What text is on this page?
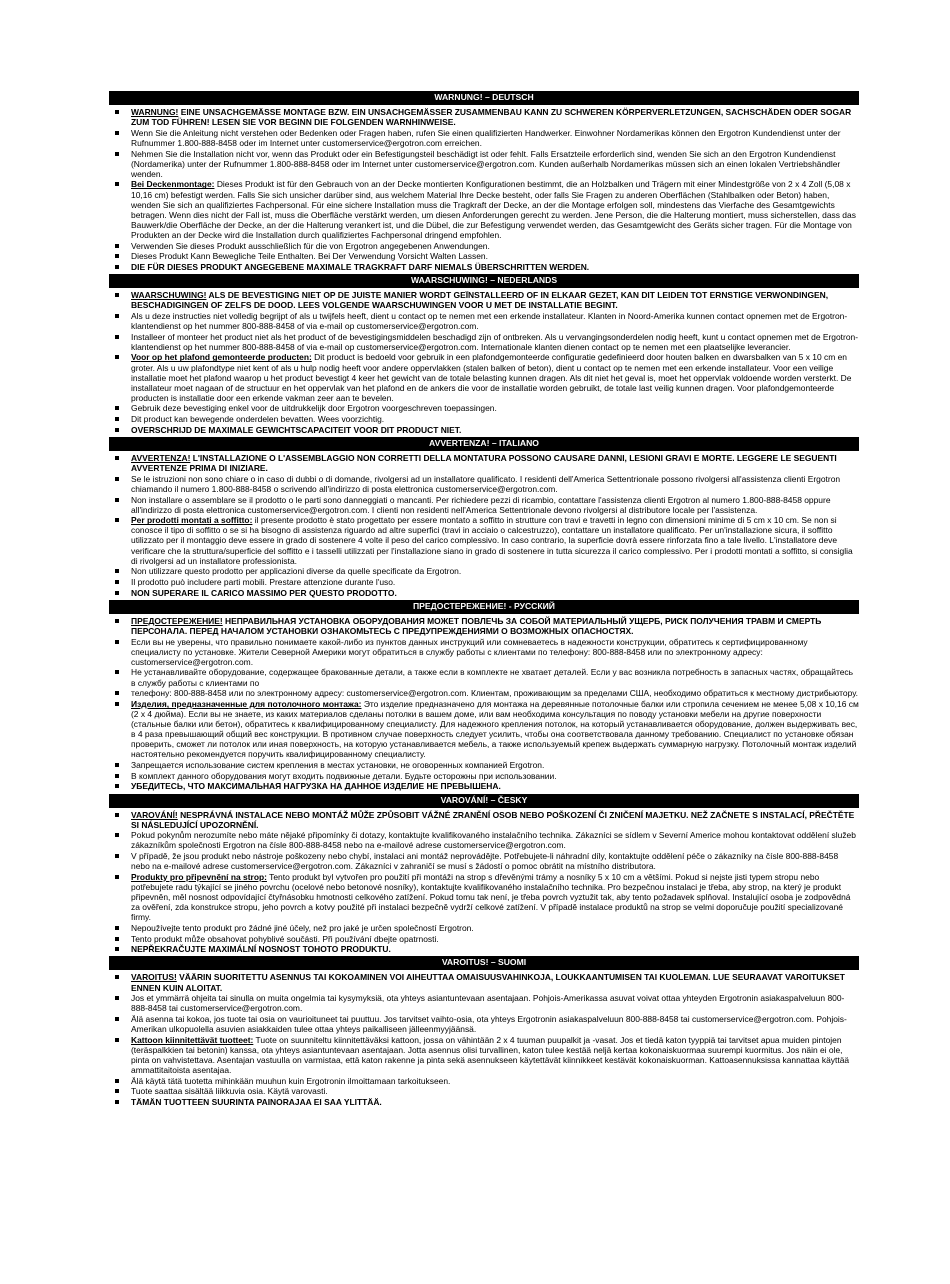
WARNUNG! – DEUTSCH
WARNUNG! EINE UNSACHGEMÄSSE MONTAGE BZW. EIN UNSACHGEMÄSSER ZUSAMMENBAU KANN ZU SCHWEREN KÖRPERVERLETZUNGEN, SACHSCHÄDEN ODER SOGAR ZUM TOD FÜHREN! LESEN SIE VOR BEGINN DIE FOLGENDEN WARNHINWEISE.
Wenn Sie die Anleitung nicht verstehen oder Bedenken oder Fragen haben, rufen Sie einen qualifizierten Handwerker. Einwohner Nordamerikas können den Ergotron Kundendienst unter der Rufnummer 1.800-888-8458 oder im Internet unter customerservice@ergotron.com erreichen.
Nehmen Sie die Installation nicht vor, wenn das Produkt oder ein Befestigungsteil beschädigt ist oder fehlt. Falls Ersatzteile erforderlich sind, wenden Sie sich an den Ergotron Kundendienst (Nordamerika) unter der Rufnummer 1.800-888-8458 oder im Internet unter customerservice@ergotron.com. Kunden außerhalb Nordamerikas müssen sich an einen lokalen Vertriebshändler wenden.
Bei Deckenmontage: Dieses Produkt ist für den Gebrauch von an der Decke montierten Konfigurationen bestimmt, die an Holzbalken und Trägern mit einer Mindestgröße von 2 x 4 Zoll (5,08 x 10,16 cm) befestigt werden. Falls Sie sich unsicher darüber sind, aus welchem Material Ihre Decke besteht, oder falls Sie Fragen zu anderen Oberflächen (Stahlbalken oder Beton) haben, wenden Sie sich an qualifiziertes Fachpersonal. Für eine sichere Installation muss die Tragkraft der Decke, an der die Montage erfolgen soll, mindestens das Vierfache des Gesamtgewichts betragen. Wenn dies nicht der Fall ist, muss die Oberfläche verstärkt werden, um diesen Anforderungen gerecht zu werden. Jene Person, die die Halterung montiert, muss sicherstellen, dass das Bauwerk/die Oberfläche der Decke, an der die Halterung verankert ist, und die Dübel, die zur Befestigung verwendet werden, das Gesamtgewicht des Geräts sicher tragen. Für die Montage von Produkten an der Decke wird die Installation durch qualifiziertes Fachpersonal dringend empfohlen.
Verwenden Sie dieses Produkt ausschließlich für die von Ergotron angegebenen Anwendungen.
Dieses Produkt Kann Bewegliche Teile Enthalten. Bei Der Verwendung Vorsicht Walten Lassen.
DIE FÜR DIESES PRODUKT ANGEGEBENE MAXIMALE TRAGKRAFT DARF NIEMALS ÜBERSCHRITTEN WERDEN.
WAARSCHUWING! – NEDERLANDS
WAARSCHUWING! ALS DE BEVESTIGING NIET OP DE JUISTE MANIER WORDT GEÏNSTALLEERD OF IN ELKAAR GEZET, KAN DIT LEIDEN TOT ERNSTIGE VERWONDINGEN, BESCHADIGINGEN OF ZELFS DE DOOD. LEES VOLGENDE WAARSCHUWINGEN VOOR U MET DE INSTALLATIE BEGINT.
Als u deze instructies niet volledig begrijpt of als u twijfels heeft, dient u contact op te nemen met een erkende installateur. Klanten in Noord-Amerika kunnen contact opnemen met de Ergotron-klantendienst op het nummer 800-888-8458 of via e-mail op customerservice@ergotron.com.
Installeer of monteer het product niet als het product of de bevestigingsmiddelen beschadigd zijn of ontbreken. Als u vervangingsonderdelen nodig heeft, kunt u contact opnemen met de Ergotron-klantendienst op het nummer 800-888-8458 of via e-mail op customerservice@ergotron.com. Internationale klanten dienen contact op te nemen met een plaatselijke leverancier.
Voor op het plafond gemonteerde producten: Dit product is bedoeld voor gebruik in een plafondgemonteerde configuratie gedefinieerd door houten balken en dwarsbalken van 5 x 10 cm en groter. Als u uw plafondtype niet kent of als u hulp nodig heeft voor andere oppervlakken (stalen balken of beton), dient u contact op te nemen met een erkende installateur. Voor een veilige installatie moet het plafond waarop u het product bevestigt 4 keer het gewicht van de totale belasting kunnen dragen. Als dit niet het geval is, moet het oppervlak voldoende worden versterkt. De installateur moet nagaan of de structuur en het oppervlak van het plafond en de ankers die voor de installatie worden gebruikt, de totale last veilig kunnen dragen. Voor plafondgemonteerde producten is installatie door een erkende vakman zeer aan te bevelen.
Gebruik deze bevestiging enkel voor de uitdrukkelijk door Ergotron voorgeschreven toepassingen.
Dit product kan bewegende onderdelen bevatten. Wees voorzichtig.
OVERSCHRIJD DE MAXIMALE GEWICHTSCAPACITEIT VOOR DIT PRODUCT NIET.
AVVERTENZA! – ITALIANO
AVVERTENZA! L'INSTALLAZIONE O L'ASSEMBLAGGIO NON CORRETTI DELLA MONTATURA POSSONO CAUSARE DANNI, LESIONI GRAVI E MORTE. LEGGERE LE SEGUENTI AVVERTENZE PRIMA DI INIZIARE.
Se le istruzioni non sono chiare o in caso di dubbi o di domande, rivolgersi ad un installatore qualificato. I residenti dell'America Settentrionale possono rivolgersi all'assistenza clienti Ergotron chiamando il numero 1.800-888-8458 o scrivendo all'indirizzo di posta elettronica customerservice@ergotron.com.
Non installare o assemblare se il prodotto o le parti sono danneggiati o mancanti. Per richiedere pezzi di ricambio, contattare l'assistenza clienti Ergotron al numero 1.800-888-8458 oppure all'indirizzo di posta elettronica customerservice@ergotron.com. I clienti non residenti nell'America Settentrionale devono rivolgersi al distributore locale per l'assistenza.
Per prodotti montati a soffitto: il presente prodotto è stato progettato per essere montato a soffitto in strutture con travi e travetti in legno con dimensioni minime di 5 cm x 10 cm. Se non si conosce il tipo di soffitto o se si ha bisogno di assistenza riguardo ad altre superfici (travi in acciaio o calcestruzzo), contattare un installatore qualificato. Per un'installazione sicura, il soffitto utilizzato per il montaggio deve essere in grado di sostenere 4 volte il peso del carico complessivo. In caso contrario, la superficie dovrà essere rinforzata fino a tale livello. L'installatore deve verificare che la struttura/superficie del soffitto e i tasselli utilizzati per l'installazione siano in grado di sostenere in tutta sicurezza il carico complessivo. Per i prodotti montati a soffitto, si consiglia di rivolgersi ad un installatore professionista.
Non utilizzare questo prodotto per applicazioni diverse da quelle specificate da Ergotron.
Il prodotto può includere parti mobili. Prestare attenzione durante l'uso.
NON SUPERARE IL CARICO MASSIMO PER QUESTO PRODOTTO.
ПРЕДОСТЕРЕЖЕНИЕ! - РУССКИЙ
ПРЕДОСТЕРЕЖЕНИЕ! НЕПРАВИЛЬНАЯ УСТАНОВКА ОБОРУДОВАНИЯ МОЖЕТ ПОВЛЕЧЬ ЗА СОБОЙ МАТЕРИАЛЬНЫЙ УЩЕРБ, РИСК ПОЛУЧЕНИЯ ТРАВМ И СМЕРТЬ ПЕРСОНАЛА. ПЕРЕД НАЧАЛОМ УСТАНОВКИ ОЗНАКОМЬТЕСЬ С ПРЕДУПРЕЖДЕНИЯМИ О ВОЗМОЖНЫХ ОПАСНОСТЯХ.
Если вы не уверены, что правильно понимаете какой-либо из пунктов данных инструкций или сомневаетесь в надежности конструкции, обратитесь к сертифицированному специалисту по установке. Жители Северной Америки могут обратиться в службу работы с клиентами по телефону: 800-888-8458 или по электронному адресу: customerservice@ergotron.com.
Не устанавливайте оборудование, содержащее бракованные детали, а также если в комплекте не хватает деталей. Если у вас возникла потребность в запасных частях, обращайтесь в службу работы с клиентами по
телефону: 800-888-8458 или по электронному адресу: customerservice@ergotron.com. Клиентам, проживающим за пределами США, необходимо обратиться к местному дистрибьютору.
Изделия, предназначенные для потолочного монтажа: Это изделие предназначено для монтажа на деревянные потолочные балки или стропила сечением не менее 5,08 x 10,16 см (2 x 4 дюйма). Если вы не знаете, из каких материалов сделаны потолки в вашем доме, или вам необходима консультация по поводу установки мебели на другие поверхности (стальные балки или бетон), обратитесь к квалифицированному специалисту. Для надежного крепления потолок, на который устанавливается оборудование, должен выдерживать вес, в 4 раза превышающий общий вес конструкции. В противном случае поверхность следует усилить, чтобы она соответствовала данному требованию. Специалист по установке обязан проверить, сможет ли потолок или иная поверхность, на которую устанавливается мебель, а также используемый крепеж выдержать суммарную нагрузку. Потолочный монтаж изделий настоятельно рекомендуется поручить квалифицированному специалисту.
Запрещается использование систем крепления в местах установки, не оговоренных компанией Ergotron.
В комплект данного оборудования могут входить подвижные детали. Будьте осторожны при использовании.
УБЕДИТЕСЬ, ЧТО МАКСИМАЛЬНАЯ НАГРУЗКА НА ДАННОЕ ИЗДЕЛИЕ НЕ ПРЕВЫШЕНА.
VAROVÁNÍ! – ČESKY
VAROVÁNÍ! NESPRÁVNÁ INSTALACE NEBO MONTÁŽ MŮŽE ZPŮSOBIT VÁŽNÉ ZRANĚNÍ OSOB NEBO POŠKOZENÍ ČI ZNIČENÍ MAJETKU. NEŽ ZAČNETE S INSTALACÍ, PŘEČTĚTE SI NÁSLEDUJÍCÍ UPOZORNĚNÍ.
Pokud pokynům nerozumíte nebo máte nějaké připomínky či dotazy, kontaktujte kvalifikovaného instalačního technika. Zákazníci se sídlem v Severní Americe mohou kontaktovat oddělení služeb zákazníkům společnosti Ergotron na čísle 800-888-8458 nebo na e-mailové adrese customerservice@ergotron.com.
V případě, že jsou produkt nebo nástroje poškozeny nebo chybí, instalaci ani montáž neprovádějte. Potřebujete-li náhradní díly, kontaktujte oddělení péče o zákazníky na čísle 800-888-8458 nebo na e-mailové adrese customerservice@ergotron.com. Zákazníci v zahraničí se musí s žádostí o pomoc obrátit na místního distributora.
Produkty pro připevnění na strop: Tento produkt byl vytvořen pro použití při montáži na strop s dřevěnými trámy a nosníky 5 x 10 cm a většími. Pokud si nejste jisti typem stropu nebo potřebujete radu týkající se jiného povrchu (ocelové nebo betonové nosníky), kontaktujte kvalifikovaného instalačního technika. Pro bezpečnou instalaci je třeba, aby strop, na který je produkt připevněn, měl nosnost odpovídající čtyřnásobku hmotnosti celkového zatížení. Pokud tomu tak není, je třeba povrch vyztužit tak, aby tento požadavek splňoval. Instalující osoba je zodpovědná za ověření, zda konstrukce stropu, jeho povrch a kotvy použité při instalaci bezpečně vydrží celkové zatížení. V případě instalace produktů na strop se velmi doporučuje použití specializované firmy.
Nepoužívejte tento produkt pro žádné jiné účely, než pro jaké je určen společností Ergotron.
Tento produkt může obsahovat pohyblivé součásti. Při používání dbejte opatrnosti.
NEPŘEKRAČUJTE MAXIMÁLNÍ NOSNOST TOHOTO PRODUKTU.
VAROITUS! – SUOMI
VAROITUS! VÄÄRIN SUORITETTU ASENNUS TAI KOKOAMINEN VOI AIHEUTTAA OMAISUUSVAHINKOJA, LOUKKAANTUMISEN TAI KUOLEMAN. LUE SEURAAVAT VAROITUKSET ENNEN KUIN ALOITAT.
Jos et ymmärrä ohjeita tai sinulla on muita ongelmia tai kysymyksiä, ota yhteys asiantuntevaan asentajaan. Pohjois-Amerikassa asuvat voivat ottaa yhteyden Ergotronin asiakaspalveluun 800-888-8458 tai customerservice@ergotron.com.
Älä asenna tai kokoa, jos tuote tai osia on vaurioituneet tai puuttuu. Jos tarvitset vaihto-osia, ota yhteys Ergotronin asiakaspalveluun 800-888-8458 tai customerservice@ergotron.com. Pohjois-Amerikan ulkopuolella asuvien asiakkaiden tulee ottaa yhteys paikalliseen jälleenmyyjäänsä.
Kattoon kiinnitettävät tuotteet: Tuote on suunniteltu kiinnitettäväksi kattoon, jossa on vähintään 2 x 4 tuuman puupalkit ja -vasat. Jos et tiedä katon tyyppiä tai tarvitset apua muiden pintojen (teräspalkkien tai betonin) kanssa, ota yhteys asiantuntevaan asentajaan. Jotta asennus olisi turvallinen, katon tulee kestää neljä kertaa kokonaiskuormaa suurempi kuormitus. Jos näin ei ole, pinta on vahvistettava. Asentajan vastuulla on varmistaa, että katon rakenne ja pinta sekä asennukseen käytettävät kiinnikkeet kestävät kokonaiskuorman. Kattoasennuksissa kannattaa käyttää ammattitaitoista asentajaa.
Älä käytä tätä tuotetta mihinkään muuhun kuin Ergotronin ilmoittamaan tarkoitukseen.
Tuote saattaa sisältää liikkuvia osia. Käytä varovasti.
TÄMÄN TUOTTEEN SUURINTA PAINORAJAA EI SAA YLITTÄÄ.
